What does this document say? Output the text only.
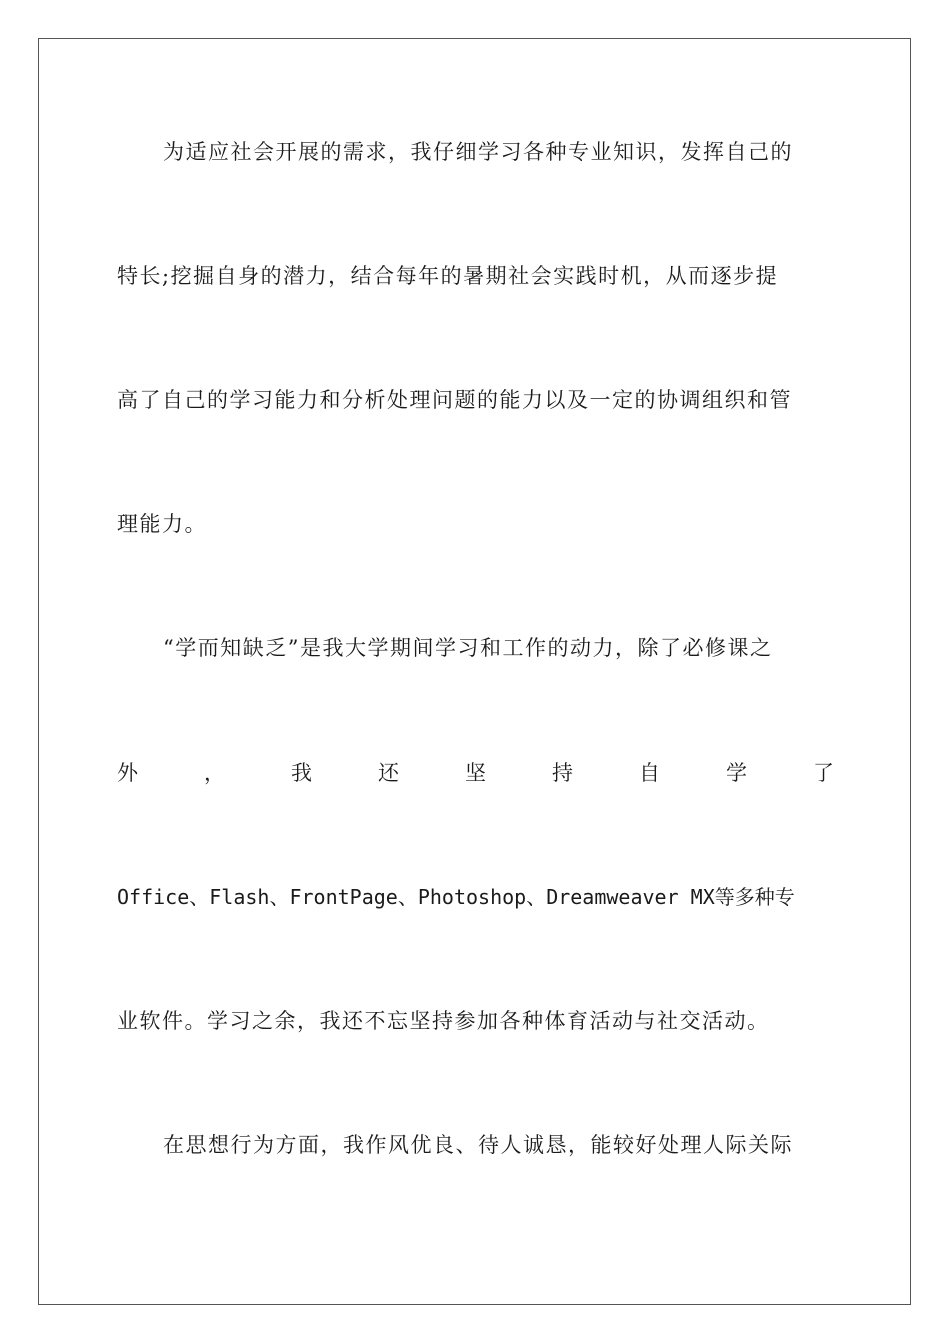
为适应社会开展的需求，我仔细学习各种专业知识，发挥自己的
特长;挖掘自身的潜力，结合每年的暑期社会实践时机，从而逐步提
高了自己的学习能力和分析处理问题的能力以及一定的协调组织和管
理能力。
“学而知缺乏”是我大学期间学习和工作的动力，除了必修课之
外	，	我	还	坚	持	自	学	了
Office、Flash、FrontPage、Photoshop、Dreamweaver MX等多种专
业软件。学习之余，我还不忘坚持参加各种体育活动与社交活动。
在思想行为方面，我作风优良、待人诚恳，能较好处理人际关际
